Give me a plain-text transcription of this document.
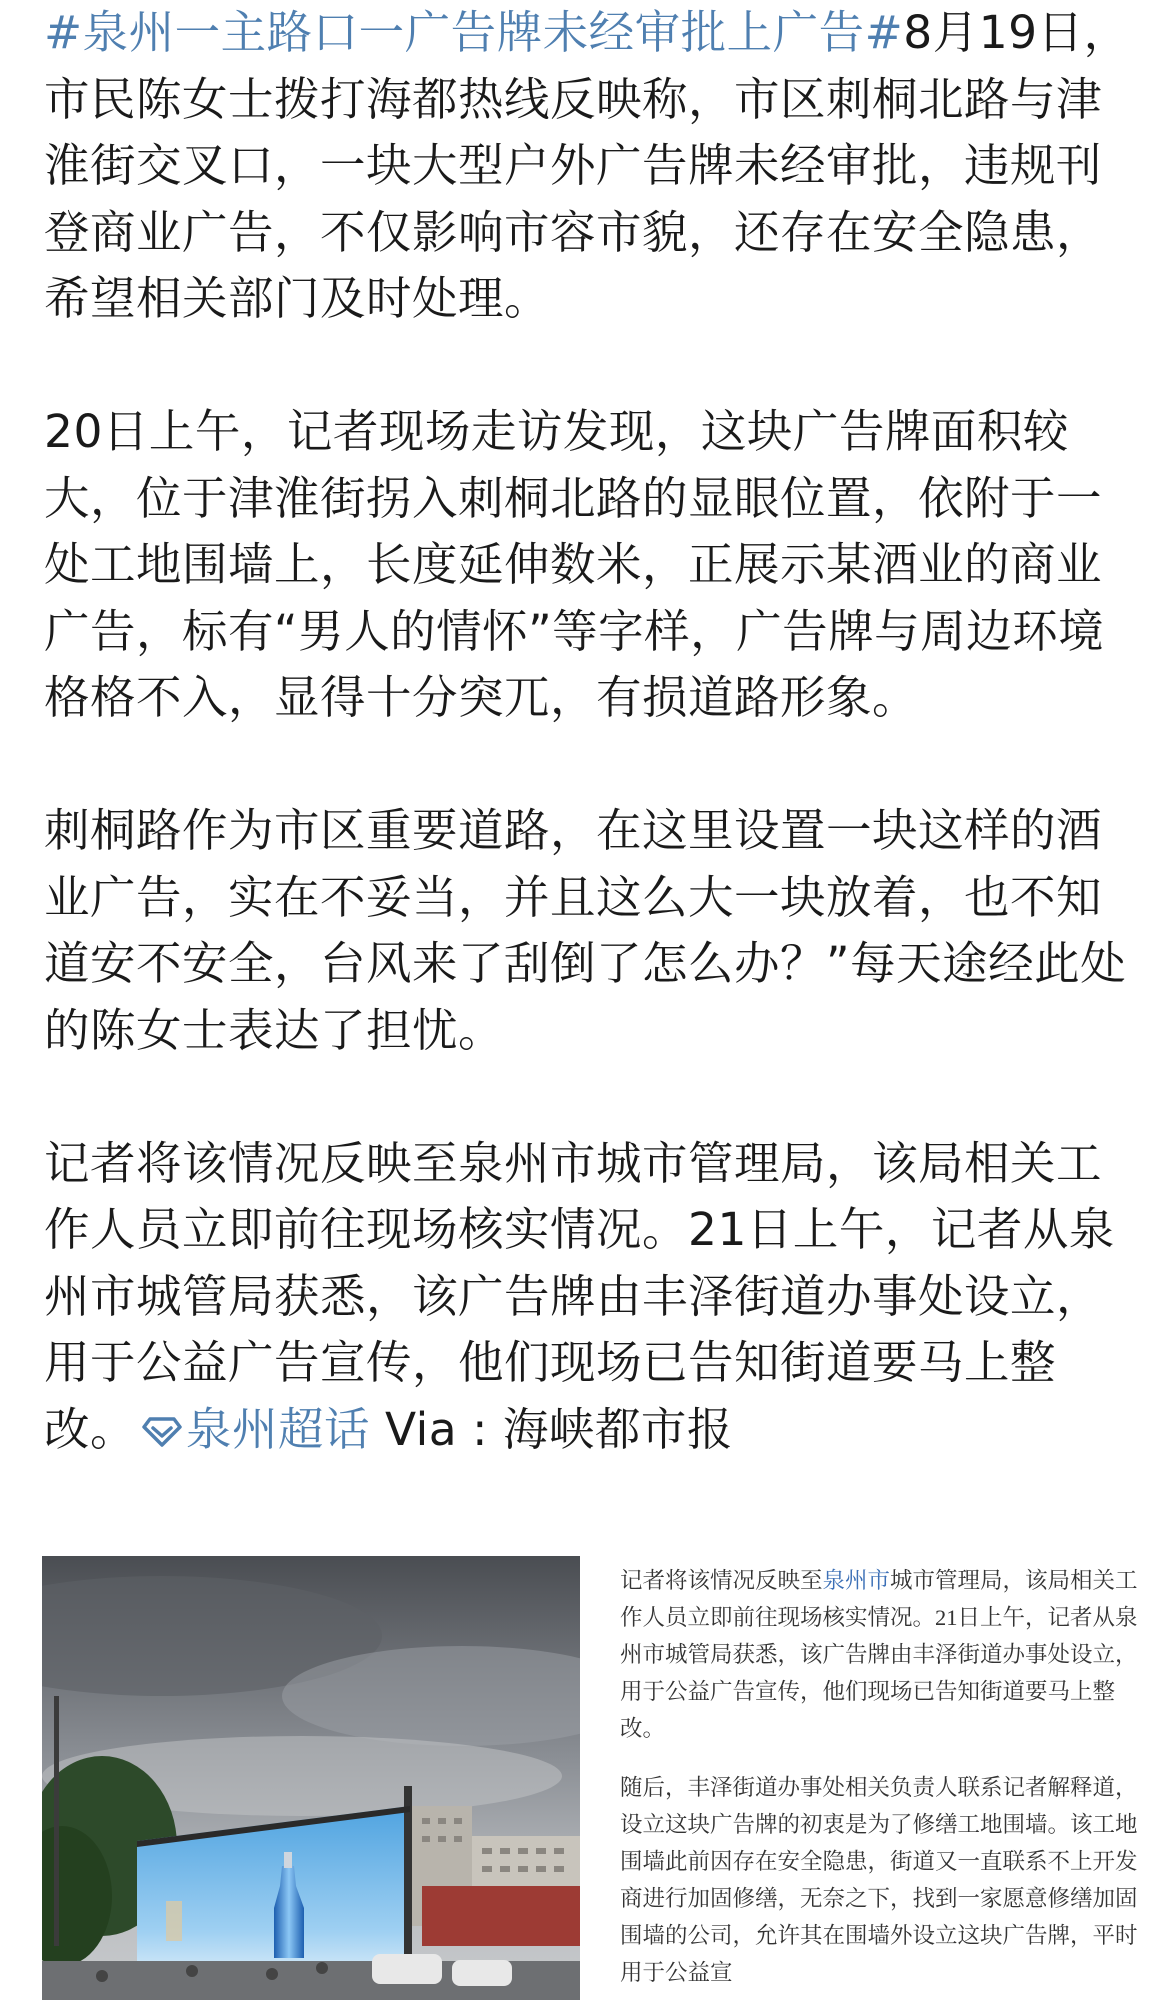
#泉州一主路口一广告牌未经审批上广告#8月19日，市民陈女士拨打海都热线反映称，市区刺桐北路与津淮街交叉口，一块大型户外广告牌未经审批，违规刊登商业广告，不仅影响市容市貌，还存在安全隐患，希望相关部门及时处理。

20日上午，记者现场走访发现，这块广告牌面积较大，位于津淮街拐入刺桐北路的显眼位置，依附于一处工地围墙上，长度延伸数米，正展示某酒业的商业广告，标有“男人的情怀”等字样，广告牌与周边环境格格不入，显得十分突兀，有损道路形象。

刺桐路作为市区重要道路，在这里设置一块这样的酒业广告，实在不妥当，并且这么大一块放着，也不知道安不安全，台风来了刮倒了怎么办？”每天途经此处的陈女士表达了担忧。

记者将该情况反映至泉州市城市管理局，该局相关工作人员立即前往现场核实情况。21日上午，记者从泉州市城管局获悉，该广告牌由丰泽街道办事处设立，用于公益广告宣传，他们现场已告知街道要马上整改。 泉州超话 Via : 海峡都市报

记者将该情况反映至泉州市城市管理局，该局相关工作人员立即前往现场核实情况。21日上午，记者从泉州市城管局获悉，该广告牌由丰泽街道办事处设立，用于公益广告宣传，他们现场已告知街道要马上整改。

随后，丰泽街道办事处相关负责人联系记者解释道，设立这块广告牌的初衷是为了修缮工地围墙。该工地围墙此前因存在安全隐患，街道又一直联系不上开发商进行加固修缮，无奈之下，找到一家愿意修缮加固围墙的公司，允许其在围墙外设立这块广告牌，平时用于公益宣
